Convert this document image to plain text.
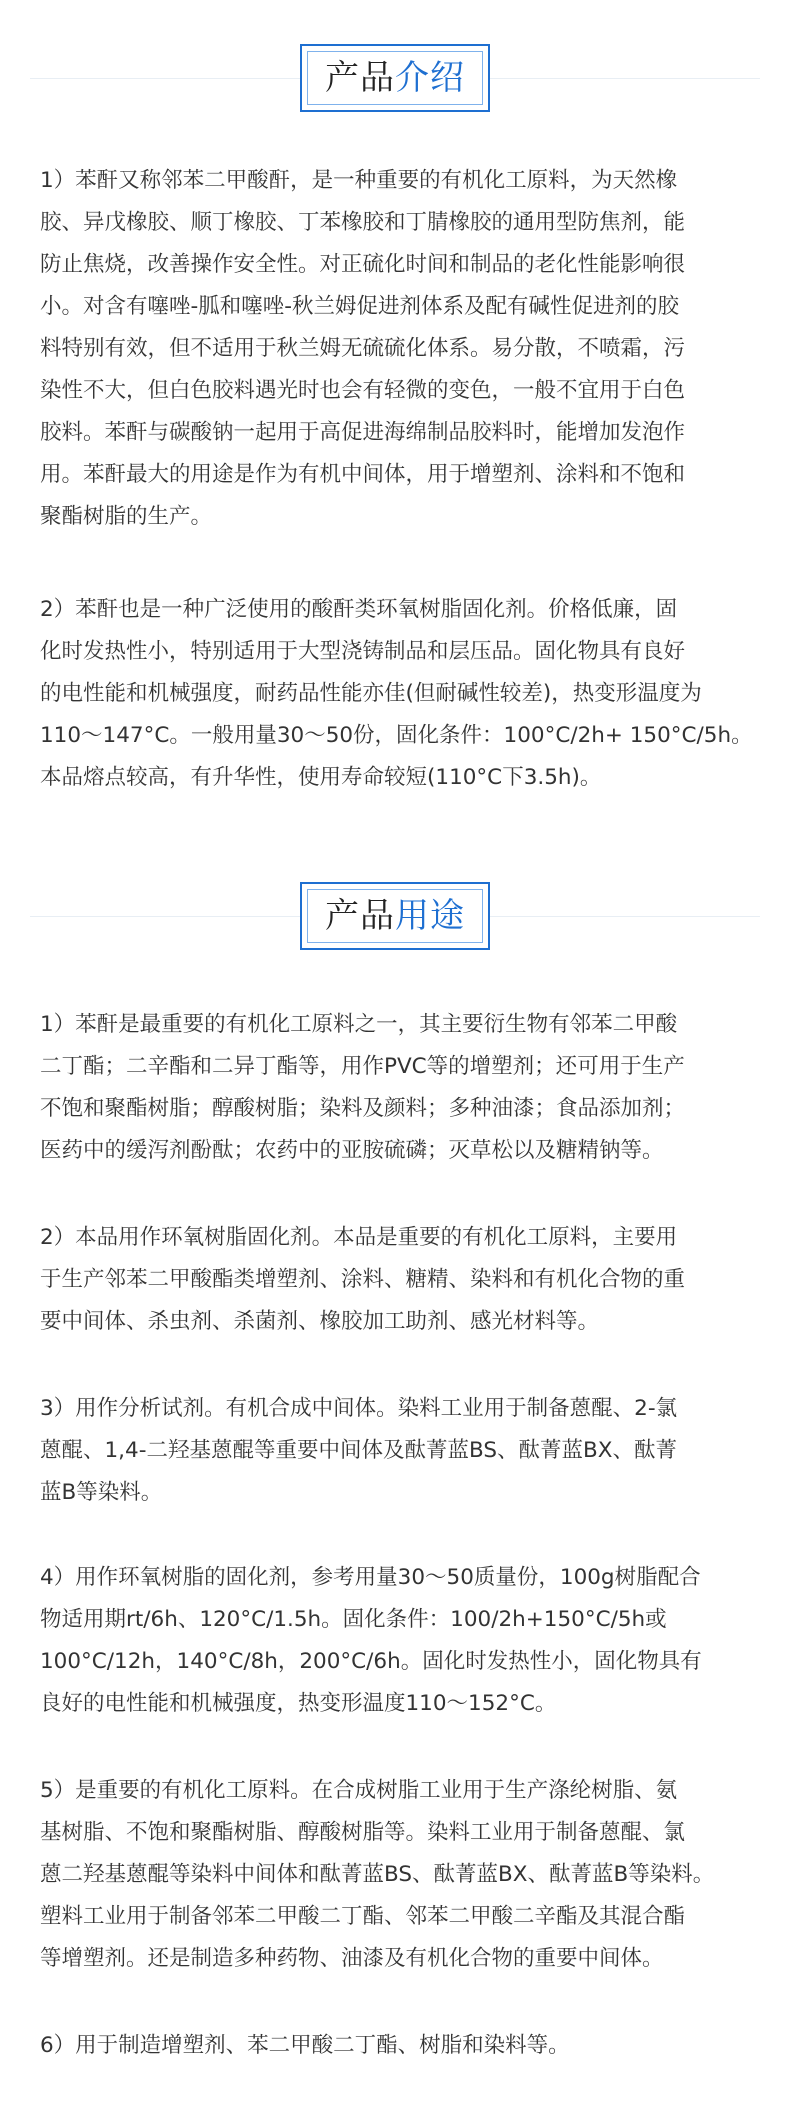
产品 介绍

1）苯酐又称邻苯二甲酸酐，是一种重要的有机化工原料，为天然橡
胶、异戊橡胶、顺丁橡胶、丁苯橡胶和丁腈橡胶的通用型防焦剂，能
防止焦烧，改善操作安全性。对正硫化时间和制品的老化性能影响很
小。对含有噻唑-胍和噻唑-秋兰姆促进剂体系及配有碱性促进剂的胶
料特别有效，但不适用于秋兰姆无硫硫化体系。易分散，不喷霜，污
染性不大，但白色胶料遇光时也会有轻微的变色，一般不宜用于白色
胶料。苯酐与碳酸钠一起用于高促进海绵制品胶料时，能增加发泡作
用。苯酐最大的用途是作为有机中间体，用于增塑剂、涂料和不饱和
聚酯树脂的生产。

2）苯酐也是一种广泛使用的酸酐类环氧树脂固化剂。价格低廉，固
化时发热性小，特别适用于大型浇铸制品和层压品。固化物具有良好
的电性能和机械强度，耐药品性能亦佳(但耐碱性较差)，热变形温度为
110～147°C。一般用量30～50份，固化条件：100°C/2h+ 150°C/5h。
本品熔点较高，有升华性，使用寿命较短(110°C下3.5h)。

产品 用途

1）苯酐是最重要的有机化工原料之一，其主要衍生物有邻苯二甲酸
二丁酯；二辛酯和二异丁酯等，用作PVC等的增塑剂；还可用于生产
不饱和聚酯树脂；醇酸树脂；染料及颜料；多种油漆；食品添加剂；
医药中的缓泻剂酚酞；农药中的亚胺硫磷；灭草松以及糖精钠等。

2）本品用作环氧树脂固化剂。本品是重要的有机化工原料，主要用
于生产邻苯二甲酸酯类增塑剂、涂料、糖精、染料和有机化合物的重
要中间体、杀虫剂、杀菌剂、橡胶加工助剂、感光材料等。

3）用作分析试剂。有机合成中间体。染料工业用于制备蒽醌、2-氯
蒽醌、1,4-二羟基蒽醌等重要中间体及酞菁蓝BS、酞菁蓝BX、酞菁
蓝B等染料。

4）用作环氧树脂的固化剂，参考用量30～50质量份，100g树脂配合
物适用期rt/6h、120°C/1.5h。固化条件：100/2h+150°C/5h或
100°C/12h，140°C/8h，200°C/6h。固化时发热性小，固化物具有
良好的电性能和机械强度，热变形温度110～152°C。

5）是重要的有机化工原料。在合成树脂工业用于生产涤纶树脂、氨
基树脂、不饱和聚酯树脂、醇酸树脂等。染料工业用于制备蒽醌、氯
蒽二羟基蒽醌等染料中间体和酞菁蓝BS、酞菁蓝BX、酞菁蓝B等染料。
塑料工业用于制备邻苯二甲酸二丁酯、邻苯二甲酸二辛酯及其混合酯
等增塑剂。还是制造多种药物、油漆及有机化合物的重要中间体。

6）用于制造增塑剂、苯二甲酸二丁酯、树脂和染料等。
